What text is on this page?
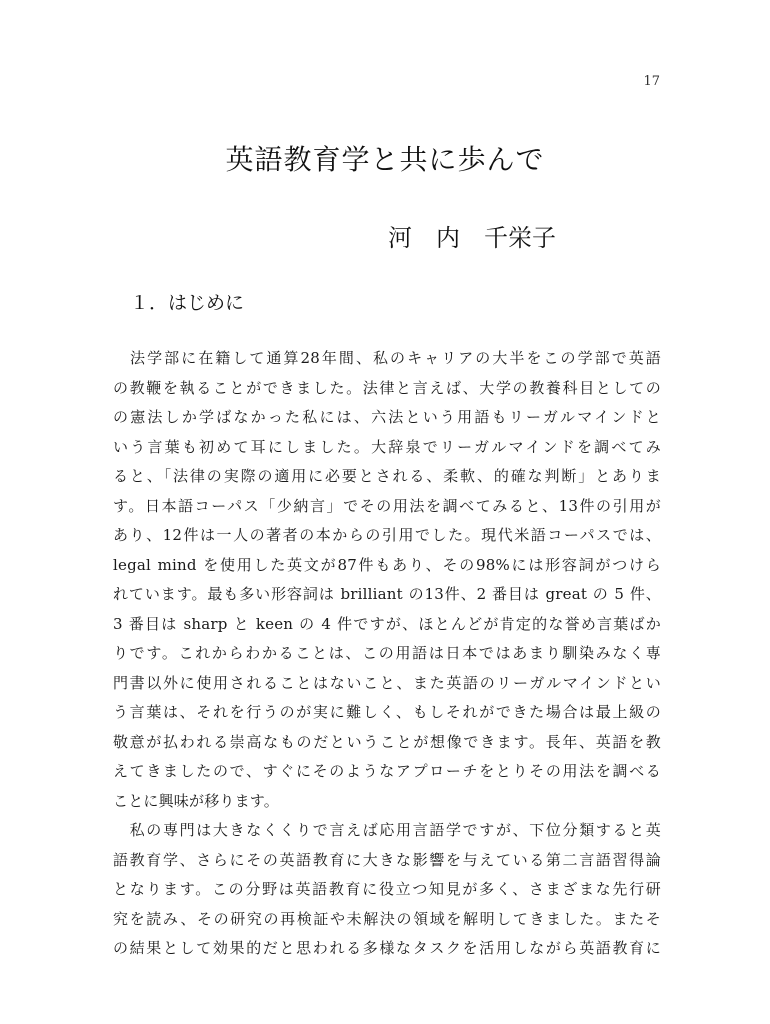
17
英語教育学と共に歩んで
河　内　千栄子
１．はじめに
　法学部に在籍して通算28年間、私のキャリアの大半をこの学部で英語
の教鞭を執ることができました。法律と言えば、大学の教養科目としての
の憲法しか学ばなかった私には、六法という用語もリーガルマインドと
いう言葉も初めて耳にしました。大辞泉でリーガルマインドを調べてみ
ると、「法律の実際の適用に必要とされる、柔軟、的確な判断」とありま
す。日本語コーパス「少納言」でその用法を調べてみると、13件の引用が
あり、12件は一人の著者の本からの引用でした。現代米語コーパスでは、
legal mind を使用した英文が87件もあり、その98%には形容詞がつけら
れています。最も多い形容詞は brilliant の13件、2 番目は great の 5 件、
3 番目は sharp と keen の 4 件ですが、ほとんどが肯定的な誉め言葉ばか
りです。これからわかることは、この用語は日本ではあまり馴染みなく専
門書以外に使用されることはないこと、また英語のリーガルマインドとい
う言葉は、それを行うのが実に難しく、もしそれができた場合は最上級の
敬意が払われる崇高なものだということが想像できます。長年、英語を教
えてきましたので、すぐにそのようなアプローチをとりその用法を調べる
ことに興味が移ります。
　私の専門は大きなくくりで言えば応用言語学ですが、下位分類すると英
語教育学、さらにその英語教育に大きな影響を与えている第二言語習得論
となります。この分野は英語教育に役立つ知見が多く、さまざまな先行研
究を読み、その研究の再検証や未解決の領域を解明してきました。またそ
の結果として効果的だと思われる多様なタスクを活用しながら英語教育に
